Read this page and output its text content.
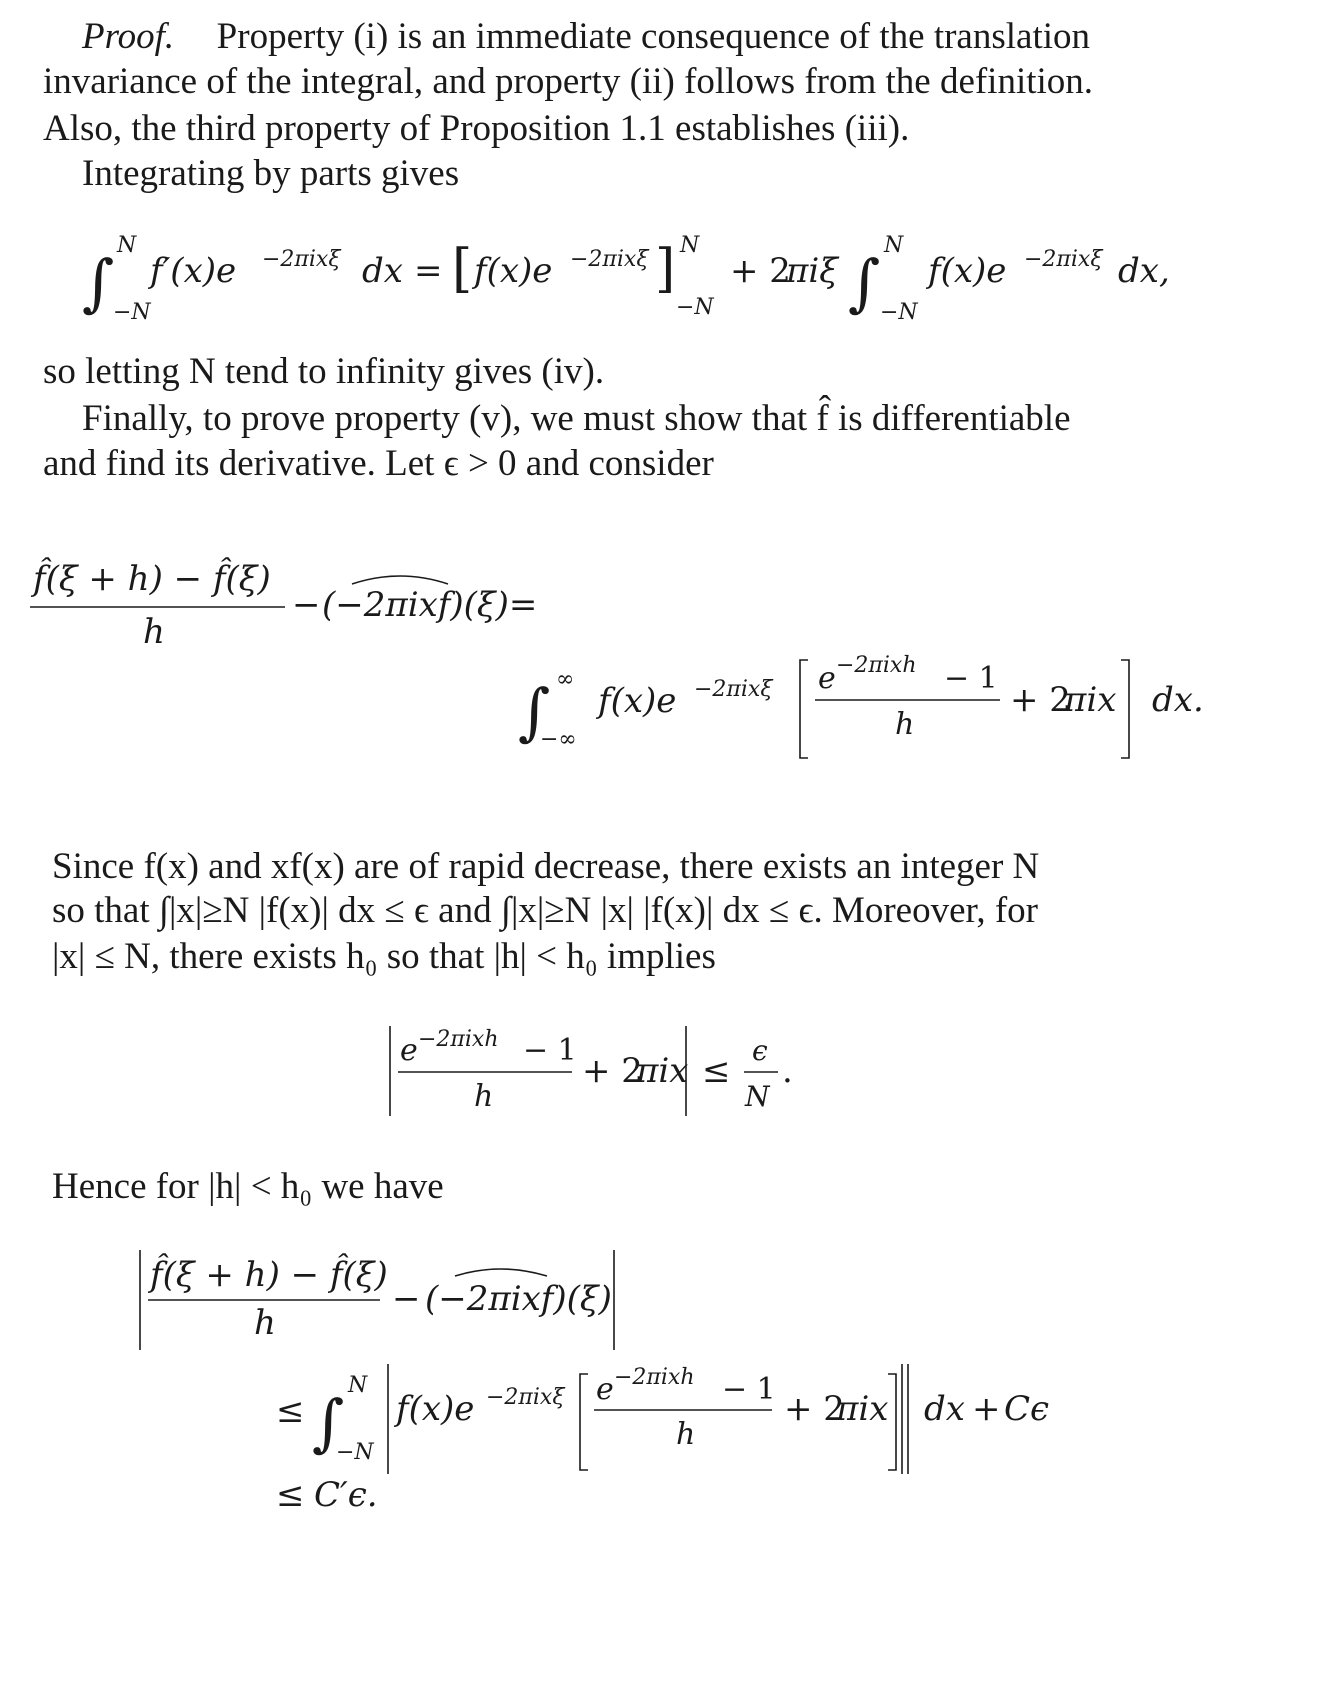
Proof. Property (i) is an immediate consequence of the translation

invariance of the integral, and property (ii) follows from the definition.

Also, the third property of Proposition 1.1 establishes (iii).

Integrating by parts gives

∫
N
−N
f′(x)e −2πixξ dx = [ f(x)e −2πixξ ] N
−N
+ 2
πiξ ∫
N
−N
f(x)e −2πixξ dx,

so letting N tend to infinity gives (iv).

Finally, to prove property (v), we must show that f̂ is differentiable

and find its derivative. Let ϵ > 0 and consider

f̂(ξ + h) − f̂(ξ)
h
− (−2πixf)(ξ)=
∫ ∞
−∞
f(x)e −2πixξ e −2πixh − 1
h
+ 2
πix dx.

Since f(x) and xf(x) are of rapid decrease, there exists an integer N

so that ∫|x|≥N |f(x)| dx ≤ ϵ and ∫|x|≥N |x| |f(x)| dx ≤ ϵ. Moreover, for

|x| ≤ N, there exists h₀ so that |h| < h₀ implies

e −2πixh − 1
h
+ 2
πix ≤
ϵ
N
.

Hence for |h| < h₀ we have

f̂(ξ + h) − f̂(ξ)
h
− (−2πixf)(ξ)
≤ ∫
N
−N
f(x)e −2πixξ e −2πixh − 1
h
+ 2
πix dx + Cϵ
≤ C′ϵ.
